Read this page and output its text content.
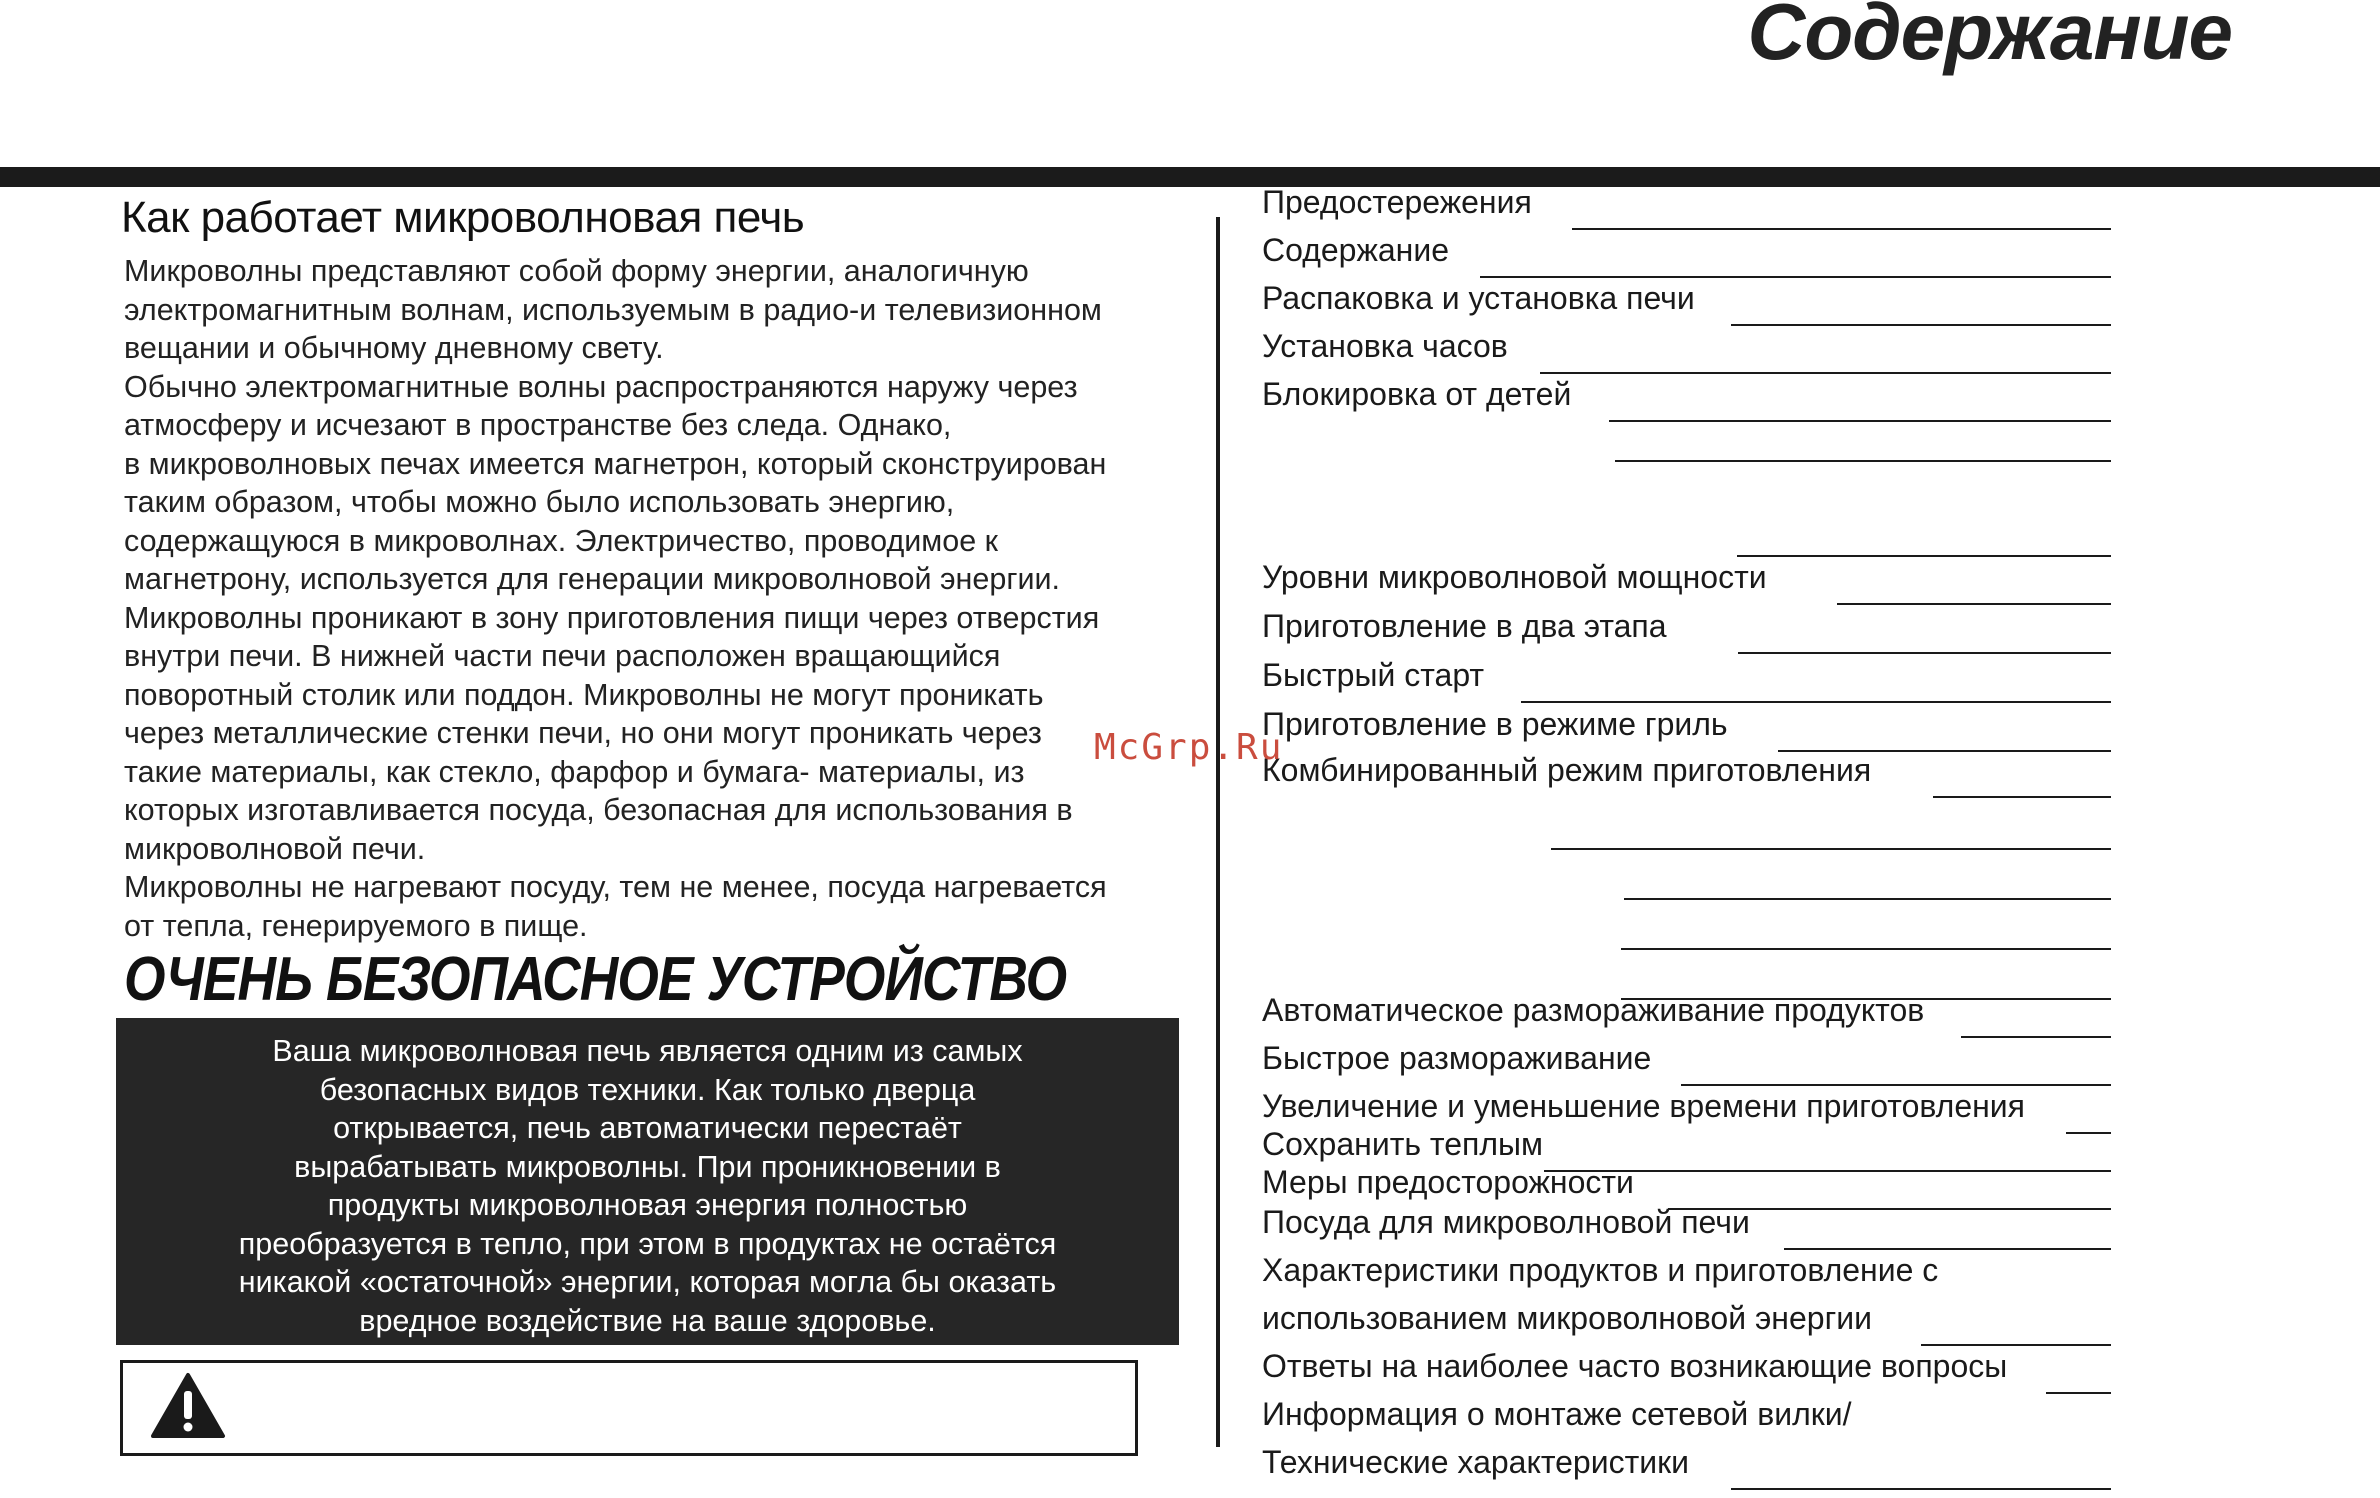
Содержание
Как работает микроволновая печь

Микроволны представляют собой форму энергии, аналогичную
электромагнитным волнам, используемым в радио-и телевизионном
вещании и обычному дневному свету.

Обычно электромагнитные волны распространяются наружу через
атмосферу и исчезают в пространстве без следа. Однако,
в микроволновых печах имеется магнетрон, который сконструирован
таким образом, чтобы можно было использовать энергию,
содержащуюся в микроволнах. Электричество, проводимое к
магнетрону, используется для генерации микроволновой энергии.

Микроволны проникают в зону приготовления пищи через отверстия
внутри печи. В нижней части печи расположен вращающийся
поворотный столик или поддон. Микроволны не могут проникать
через металлические стенки печи, но они могут проникать через
такие материалы, как стекло, фарфор и бумага- материалы, из
которых изготавливается посуда, безопасная для использования в
микроволновой печи.

Микроволны не нагревают посуду, тем не менее, посуда нагревается
от тепла, генерируемого в пище.

ОЧЕНЬ БЕЗОПАСНОЕ УСТРОЙСТВО

Ваша микроволновая печь является одним из самых
безопасных видов техники. Как только дверца
открывается, печь автоматически перестаёт
вырабатывать микроволны. При проникновении в
продукты микроволновая энергия полностью
преобразуется в тепло, при этом в продуктах не остаётся
никакой «остаточной» энергии, которая могла бы оказать
вредное воздействие на ваше здоровье.

Предостережения
Содержание
Распаковка и установка печи
Установка часов
Блокировка от детей
Уровни микроволновой мощности
Приготовление в два этапа
Быстрый старт
Приготовление в режиме гриль
Комбинированный режим приготовления
Автоматическое размораживание продуктов
Быстрое размораживание
Увеличение и уменьшение времени приготовления
Сохранить теплым
Меры предосторожности
Посуда для микроволновой печи
Характеристики продуктов и приготовление с
использованием микроволновой энергии
Ответы на наиболее часто возникающие вопросы
Информация о монтаже сетевой вилки/
Технические характеристики
McGrp.Ru
